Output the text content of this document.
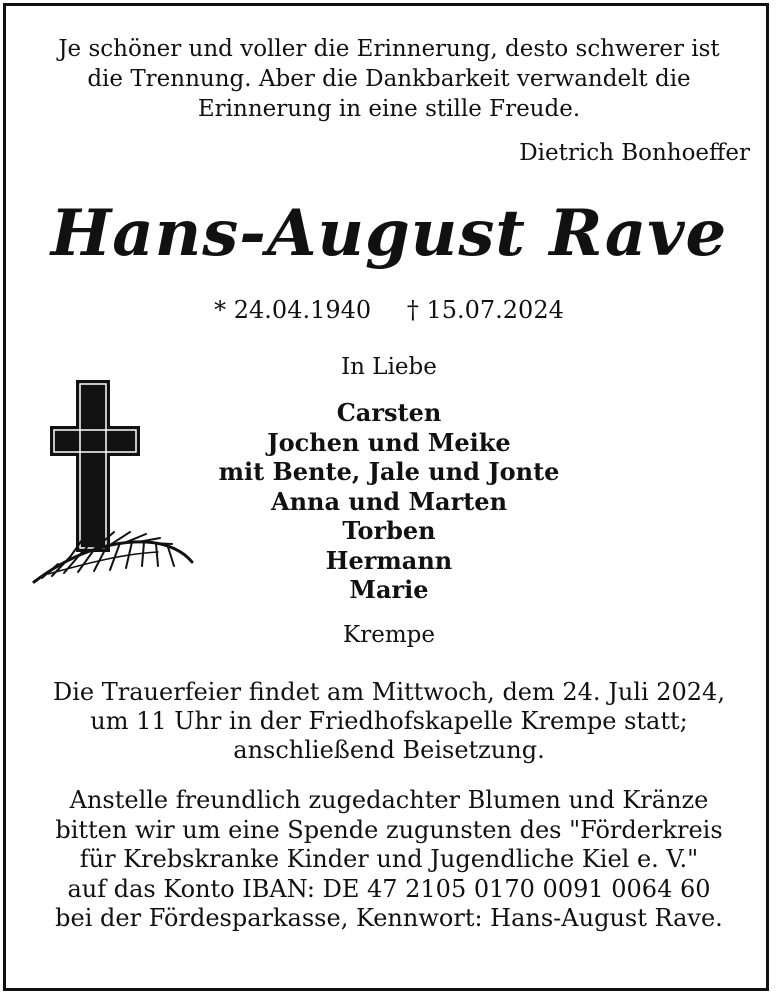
Je schöner und voller die Erinnerung, desto schwerer ist
die Trennung. Aber die Dankbarkeit verwandelt die
Erinnerung in eine stille Freude.
Dietrich Bonhoeffer
Hans-August Rave
* 24.04.1940 † 15.07.2024
In Liebe
Carsten
Jochen und Meike
mit Bente, Jale und Jonte
Anna und Marten
Torben
Hermann
Marie
Krempe
Die Trauerfeier findet am Mittwoch, dem 24. Juli 2024,
um 11 Uhr in der Friedhofskapelle Krempe statt;
anschließend Beisetzung.
Anstelle freundlich zugedachter Blumen und Kränze
bitten wir um eine Spende zugunsten des "Förderkreis
für Krebskranke Kinder und Jugendliche Kiel e. V."
auf das Konto IBAN: DE 47 2105 0170 0091 0064 60
bei der Fördesparkasse, Kennwort: Hans-August Rave.
